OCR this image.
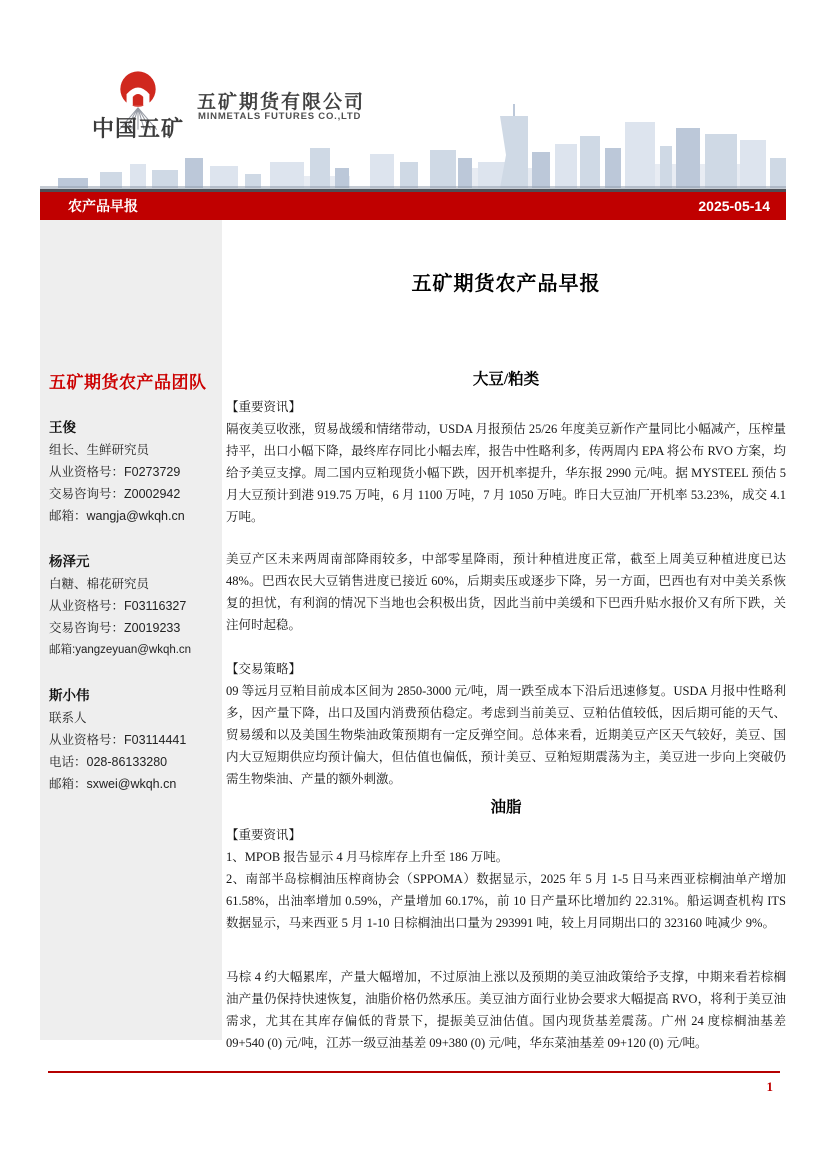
中国五矿
五矿期货有限公司
MINMETALS FUTURES CO.,LTD
农产品早报	2025-05-14
五矿期货农产品团队
王俊
组长、生鲜研究员
从业资格号：F0273729
交易咨询号：Z0002942
邮箱：wangja@wkqh.cn
杨泽元
白糖、棉花研究员
从业资格号：F03116327
交易咨询号：Z0019233
邮箱:yangzeyuan@wkqh.cn
斯小伟
联系人
从业资格号：F03114441
电话：028-86133280
邮箱：sxwei@wkqh.cn
五矿期货农产品早报
大豆/粕类
【重要资讯】

隔夜美豆收涨，贸易战缓和情绪带动，USDA 月报预估 25/26 年度美豆新作产量同比小幅减产，压榨量持平，出口小幅下降，最终库存同比小幅去库，报告中性略利多，传两周内 EPA 将公布 RVO 方案，均给予美豆支撑。周二国内豆粕现货小幅下跌，因开机率提升，华东报 2990 元/吨。据 MYSTEEL 预估 5 月大豆预计到港 919.75 万吨，6 月 1100 万吨，7 月 1050 万吨。昨日大豆油厂开机率 53.23%，成交 4.1 万吨。

美豆产区未来两周南部降雨较多，中部零星降雨，预计种植进度正常，截至上周美豆种植进度已达 48%。巴西农民大豆销售进度已接近 60%，后期卖压或逐步下降，另一方面，巴西也有对中美关系恢复的担忧，有利润的情况下当地也会积极出货，因此当前中美缓和下巴西升贴水报价又有所下跌，关注何时起稳。

【交易策略】

09 等远月豆粕目前成本区间为 2850-3000 元/吨，周一跌至成本下沿后迅速修复。USDA 月报中性略利多，因产量下降，出口及国内消费预估稳定。考虑到当前美豆、豆粕估值较低，因后期可能的天气、贸易缓和以及美国生物柴油政策预期有一定反弹空间。总体来看，近期美豆产区天气较好，美豆、国内大豆短期供应均预计偏大，但估值也偏低，预计美豆、豆粕短期震荡为主，美豆进一步向上突破仍需生物柴油、产量的额外刺激。

油脂
【重要资讯】

1、MPOB 报告显示 4 月马棕库存上升至 186 万吨。

2、南部半岛棕榈油压榨商协会（SPPOMA）数据显示，2025 年 5 月 1-5 日马来西亚棕榈油单产增加 61.58%，出油率增加 0.59%，产量增加 60.17%，前 10 日产量环比增加约 22.31%。船运调查机构 ITS 数据显示，马来西亚 5 月 1-10 日棕榈油出口量为 293991 吨，较上月同期出口的 323160 吨减少 9%。

马棕 4 约大幅累库，产量大幅增加，不过原油上涨以及预期的美豆油政策给予支撑，中期来看若棕榈油产量仍保持快速恢复，油脂价格仍然承压。美豆油方面行业协会要求大幅提高 RVO，将利于美豆油需求，尤其在其库存偏低的背景下，提振美豆油估值。国内现货基差震荡。广州 24 度棕榈油基差 09+540 (0) 元/吨，江苏一级豆油基差 09+380 (0) 元/吨，华东菜油基差 09+120 (0) 元/吨。

1
